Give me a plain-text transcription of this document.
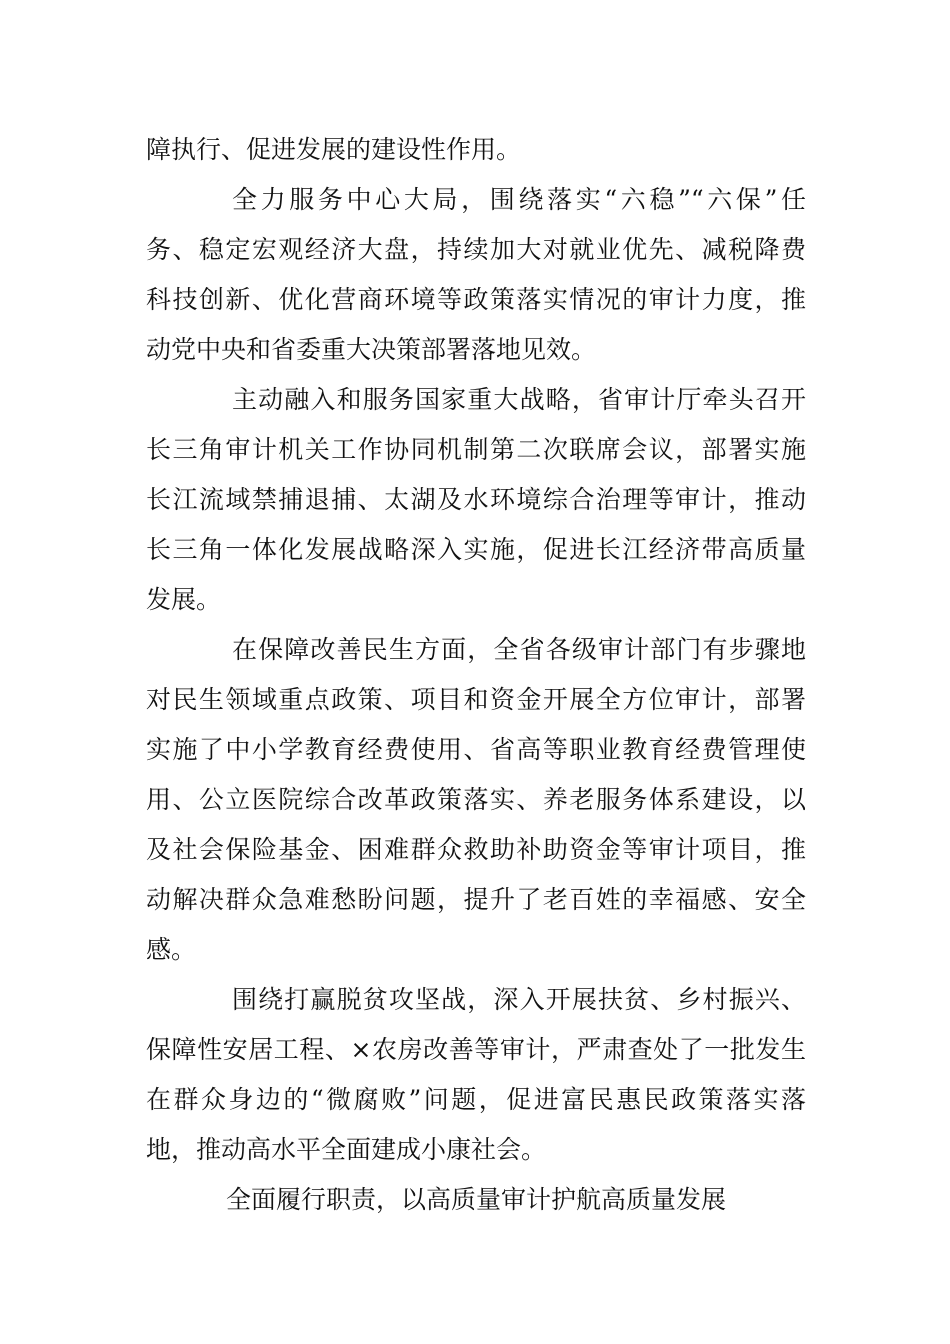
障执行、促进发展的建设性作用。
全力服务中心大局，围绕落实“六稳”“六保”任
务、稳定宏观经济大盘，持续加大对就业优先、减税降费
科技创新、优化营商环境等政策落实情况的审计力度，推
动党中央和省委重大决策部署落地见效。
主动融入和服务国家重大战略，省审计厅牵头召开
长三角审计机关工作协同机制第二次联席会议，部署实施
长江流域禁捕退捕、太湖及水环境综合治理等审计，推动
长三角一体化发展战略深入实施，促进长江经济带高质量
发展。
在保障改善民生方面，全省各级审计部门有步骤地
对民生领域重点政策、项目和资金开展全方位审计，部署
实施了中小学教育经费使用、省高等职业教育经费管理使
用、公立医院综合改革政策落实、养老服务体系建设，以
及社会保险基金、困难群众救助补助资金等审计项目，推
动解决群众急难愁盼问题，提升了老百姓的幸福感、安全
感。
围绕打赢脱贫攻坚战，深入开展扶贫、乡村振兴、
保障性安居工程、×农房改善等审计，严肃查处了一批发生
在群众身边的“微腐败”问题，促进富民惠民政策落实落
地，推动高水平全面建成小康社会。
全面履行职责，以高质量审计护航高质量发展
